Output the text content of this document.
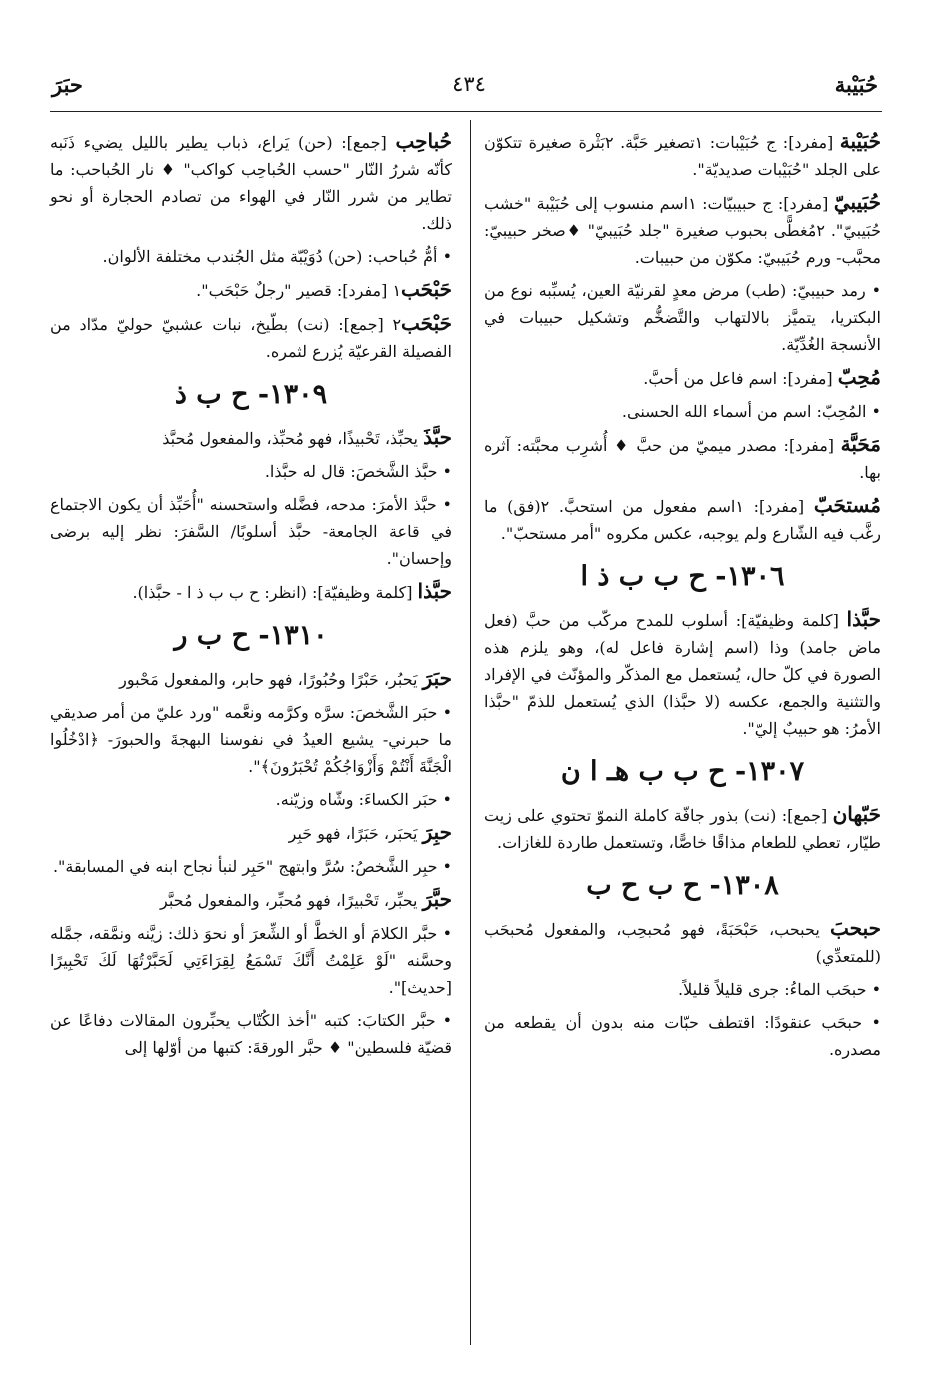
حُبَيْبة
٤٣٤
حبَرَ

حُبَيْبة [مفرد]: ج حُبَيْبات: ١تصغير حَبَّة. ٢بَثْرة صغيرة تتكوّن على الجلد "حُبَيْبات صديديّة".

حُبَيبيّ [مفرد]: ج حبيبيّات: ١اسم منسوب إلى حُبَيْبة "خشب حُبَيبيّ". ٢مُغطًّى بحبوب صغيرة "جلد حُبَيبيّ" ♦صخر حبيبيّ: محبَّب- ورم حُبَيبيّ: مكوّن من حبيبات.

• رمد حبيبيّ: (طب) مرض معدٍ لقرنيّة العين، يُسبِّبه نوع من البكتريا، يتميَّز بالالتهاب والتَّضخُّم وتشكيل حبيبات في الأنسجة الغُدِّيّة.

مُحِبّ [مفرد]: اسم فاعل من أحبَّ.

• المُحِبّ: اسم من أسماء الله الحسنى.

مَحَبَّة [مفرد]: مصدر ميميّ من حبَّ ♦ أُشرِب محبَّته: آثره بها.

مُستحَبّ [مفرد]: ١اسم مفعول من استحبَّ. ٢(فق) ما رغَّب فيه الشّارع ولم يوجبه، عكس مكروه "أمر مستحبّ".

١٣٠٦- ح ب ب ذ ا

حبَّذا [كلمة وظيفيّة]: أسلوب للمدح مركّب من حبَّ (فعل ماض جامد) وذا (اسم إشارة فاعل له)، وهو يلزم هذه الصورة في كلّ حال، يُستعمل مع المذكّر والمؤنّث في الإفراد والتثنية والجمع، عكسه (لا حبَّذا) الذي يُستعمل للذمّ "حبَّذا الأمرُ: هو حبيبٌ إليّ".

١٣٠٧- ح ب ب هـ ا ن

حَبّهان [جمع]: (نت) بذور جافّة كاملة النموّ تحتوي على زيت طيّار، تعطي للطعام مذاقًا خاصًّا، وتستعمل طاردة للغازات.

١٣٠٨- ح ب ح ب

حبحبَ يحبحب، حَبْحَبَةً، فهو مُحبحِب، والمفعول مُحبحَب (للمتعدِّي)

• حبحَب الماءُ: جرى قليلاً قليلاً.

• حبحَب عنقودًا: اقتطف حبّات منه بدون أن يقطعه من مصدره.

حُباحِب [جمع]: (حن) يَراع، ذباب يطير بالليل يضيء ذَنَبه كأنّه شررُ النّار "حسب الحُباحِب كواكب" ♦ نار الحُباحب: ما تطاير من شرر النّار في الهواء من تصادم الحجارة أو نحو ذلك.

• أمُّ حُباحب: (حن) دُوَيْبّة مثل الجُندب مختلفة الألوان.

حَبْحَب١ [مفرد]: قصير "رجلٌ حَبْحَب".

حَبْحَب٢ [جمع]: (نت) بطّيخ، نبات عشبيّ حوليّ مدّاد من الفصيلة القرعيّة يُزرع لثمره.

١٣٠٩- ح ب ذ

حبَّذَ يحبِّذ، تَحْبيذًا، فهو مُحبِّذ، والمفعول مُحبَّذ

• حبَّذ الشَّخصَ: قال له حبَّذا.

• حبَّذ الأمرَ: مدحه، فضَّله واستحسنه "أُحَبِّذ أن يكون الاجتماع في قاعة الجامعة- حبَّذ أسلوبًا/ السَّفرَ: نظر إليه برضى وإحسان".

حبَّذا [كلمة وظيفيّة]: (انظر: ح ب ب ذ ا - حبَّذا).

١٣١٠- ح ب ر

حبَرَ يَحبُر، حَبْرًا وحُبُورًا، فهو حابر، والمفعول مَحْبور

• حبَر الشَّخصَ: سرَّه وكرَّمه ونعَّمه "ورد عليّ من أمر صديقي ما حبرني- يشيع العيدُ في نفوسنا البهجةَ والحبورَ- ﴿ادْخُلُوا الْجَنَّةَ أَنْتُمْ وَأَزْوَاجُكُمْ تُحْبَرُونَ﴾".

• حبَر الكساءَ: وشّاه وزيّنه.

حبِرَ يَحبَر، حَبَرًا، فهو حَبِر

• حبِر الشَّخصُ: سُرَّ وابتهج "حَبِر لنبأ نجاح ابنه في المسابقة".

حبَّرَ يحبِّر، تَحْبيرًا، فهو مُحبِّر، والمفعول مُحبَّر

• حبَّر الكلامَ أو الخطَّ أو الشِّعرَ أو نحوَ ذلك: زيَّنه ونمَّقه، جمَّله وحسَّنه "لَوْ عَلِمْتُ أَنَّكَ تَسْمَعُ لِقِرَاءَتِي لَحَبَّرْتُهَا لَكَ تَحْبِيرًا [حديث]".

• حبَّر الكتابَ: كتبه "أخذ الكُتّاب يحبِّرون المقالات دفاعًا عن قضيّة فلسطين" ♦ حبَّر الورقةَ: كتبها من أوّلها إلى
